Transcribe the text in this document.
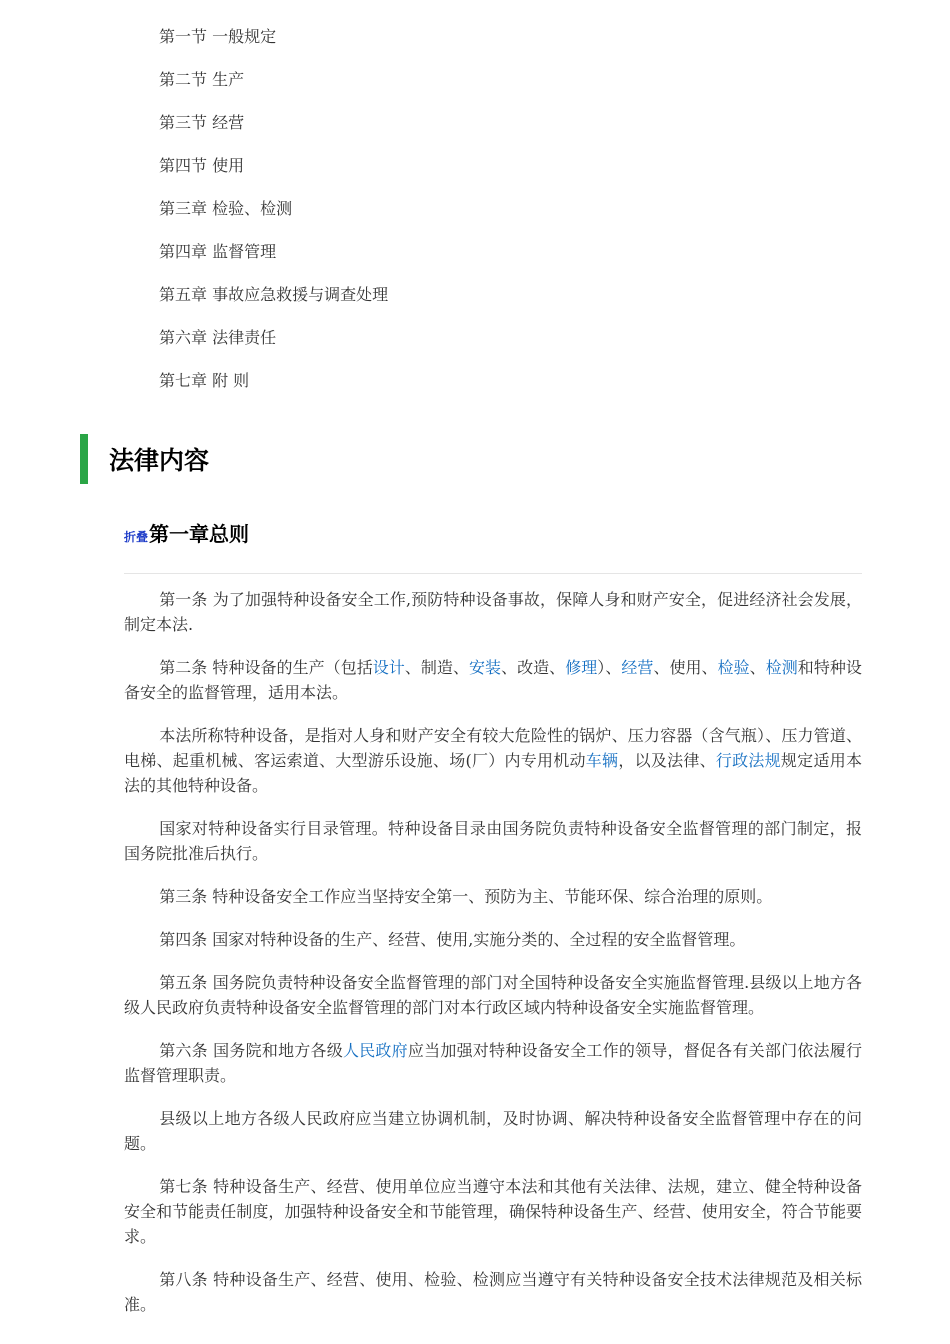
第一节 一般规定
第二节 生产
第三节 经营
第四节 使用
第三章 检验、检测
第四章 监督管理
第五章 事故应急救援与调查处理
第六章 法律责任
第七章 附 则
法律内容
折叠 第一章总则

第一条 为了加强特种设备安全工作,预防特种设备事故，保障人身和财产安全，促进经济社会发展，制定本法.

第二条 特种设备的生产（包括设计、制造、安装、改造、修理）、经营、使用、检验、检测和特种设备安全的监督管理，适用本法。

本法所称特种设备，是指对人身和财产安全有较大危险性的锅炉、压力容器（含气瓶）、压力管道、电梯、起重机械、客运索道、大型游乐设施、场(厂）内专用机动车辆，以及法律、行政法规规定适用本法的其他特种设备。

国家对特种设备实行目录管理。特种设备目录由国务院负责特种设备安全监督管理的部门制定，报国务院批准后执行。

第三条 特种设备安全工作应当坚持安全第一、预防为主、节能环保、综合治理的原则。

第四条 国家对特种设备的生产、经营、使用,实施分类的、全过程的安全监督管理。

第五条 国务院负责特种设备安全监督管理的部门对全国特种设备安全实施监督管理.县级以上地方各级人民政府负责特种设备安全监督管理的部门对本行政区域内特种设备安全实施监督管理。

第六条 国务院和地方各级人民政府应当加强对特种设备安全工作的领导，督促各有关部门依法履行监督管理职责。

县级以上地方各级人民政府应当建立协调机制，及时协调、解决特种设备安全监督管理中存在的问题。

第七条 特种设备生产、经营、使用单位应当遵守本法和其他有关法律、法规，建立、健全特种设备安全和节能责任制度，加强特种设备安全和节能管理，确保特种设备生产、经营、使用安全，符合节能要求。

第八条 特种设备生产、经营、使用、检验、检测应当遵守有关特种设备安全技术法律规范及相关标准。
